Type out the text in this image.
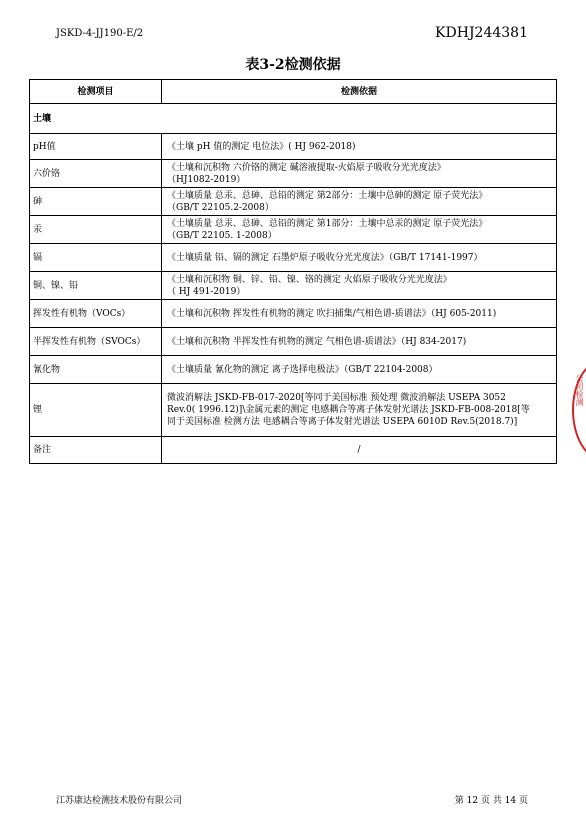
JSKD-4-JJ190-E/2	KDHJ244381
表3-2检测依据
检测项目	检测依据
土壤	
pH值	《土壤 pH 值的测定 电位法》( HJ 962-2018)

六价铬	《土壤和沉积物 六价铬的测定 碱溶液提取-火焰原子吸收分光光度法》
（HJ1082-2019）

砷	《土壤质量 总汞、总砷、总铅的测定 第2部分：土壤中总砷的测定 原子荧光法》
（GB/T 22105.2-2008）

汞	《土壤质量 总汞、总砷、总铅的测定 第1部分：土壤中总汞的测定 原子荧光法》
（GB/T 22105. 1-2008）

镉	《土壤质量 铅、镉的测定 石墨炉原子吸收分光光度法》（GB/T 17141-1997）

铜、镍、铅	《土壤和沉积物 铜、锌、铅、镍、铬的测定 火焰原子吸收分光光度法》
（ HJ 491-2019）

挥发性有机物（VOCs）	《土壤和沉积物 挥发性有机物的测定 吹扫捕集/气相色谱-质谱法》（HJ 605-2011)

半挥发性有机物（SVOCs）	《土壤和沉积物 半挥发性有机物的测定 气相色谱-质谱法》（HJ 834-2017)

氰化物	《土壤质量 氰化物的测定 离子选择电极法》（GB/T 22104-2008）

锂	微波消解法 JSKD-FB-017-2020[等同于美国标准 预处理 微波消解法 USEPA 3052
Rev.0( 1996.12)]\金属元素的测定 电感耦合等离子体发射光谱法 JSKD-FB-008-2018[等
同于美国标准 检测方法 电感耦合等离子体发射光谱法 USEPA 6010D Rev.5(2018.7)]

备注	/
公司检测
江苏康达检测技术股份有限公司	第 12 页 共 14 页
